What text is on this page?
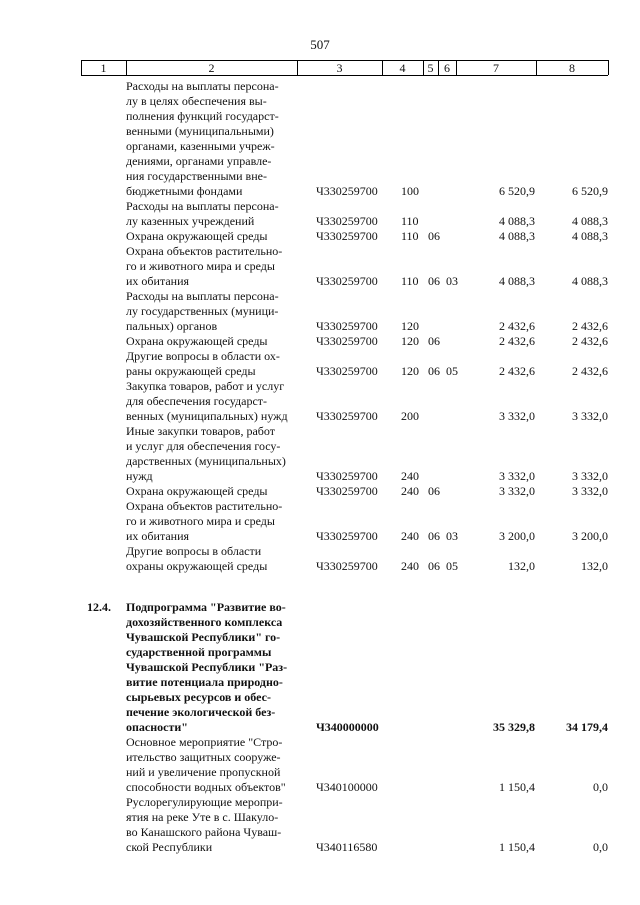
507
1	2	3	4	5 6	7	8
Расходы на выплаты персона-
лу в целях обеспечения вы-
полнения функций государст-
венными (муниципальными)
органами, казенными учреж-
дениями, органами управле-
ния государственными вне-
бюджетными фондами	Ч330259700 100	6 520,9	6 520,9
Расходы на выплаты персона-
лу казенных учреждений	Ч330259700 110	4 088,3	4 088,3
Охрана окружающей среды	Ч330259700 110 06	4 088,3	4 088,3
Охрана объектов растительно-
го и животного мира и среды
их обитания	Ч330259700 110 06 03	4 088,3	4 088,3
Расходы на выплаты персона-
лу государственных (муници-
пальных) органов	Ч330259700 120	2 432,6	2 432,6
Охрана окружающей среды	Ч330259700 120 06	2 432,6	2 432,6
Другие вопросы в области ох-
раны окружающей среды	Ч330259700 120 06 05	2 432,6	2 432,6
Закупка товаров, работ и услуг
для обеспечения государст-
венных (муниципальных) нужд	Ч330259700 200	3 332,0	3 332,0
Иные закупки товаров, работ
и услуг для обеспечения госу-
дарственных (муниципальных)
нужд	Ч330259700 240	3 332,0	3 332,0
Охрана окружающей среды	Ч330259700 240 06	3 332,0	3 332,0
Охрана объектов растительно-
го и животного мира и среды
их обитания	Ч330259700 240 06 03	3 200,0	3 200,0
Другие вопросы в области
охраны окружающей среды	Ч330259700 240 06 05	132,0	132,0
12.4. Подпрограмма "Развитие во-
дохозяйственного комплекса
Чувашской Республики" го-
сударственной программы
Чувашской Республики "Раз-
витие потенциала природно-
сырьевых ресурсов и обес-
печение экологической без-
опасности"	Ч340000000	35 329,8	34 179,4
Основное мероприятие "Стро-
ительство защитных сооруже-
ний и увеличение пропускной
способности водных объектов"	Ч340100000	1 150,4	0,0
Руслорегулирующие меропри-
ятия на реке Уте в с. Шакуло-
во Канашского района Чуваш-
ской Республики	Ч340116580	1 150,4	0,0
